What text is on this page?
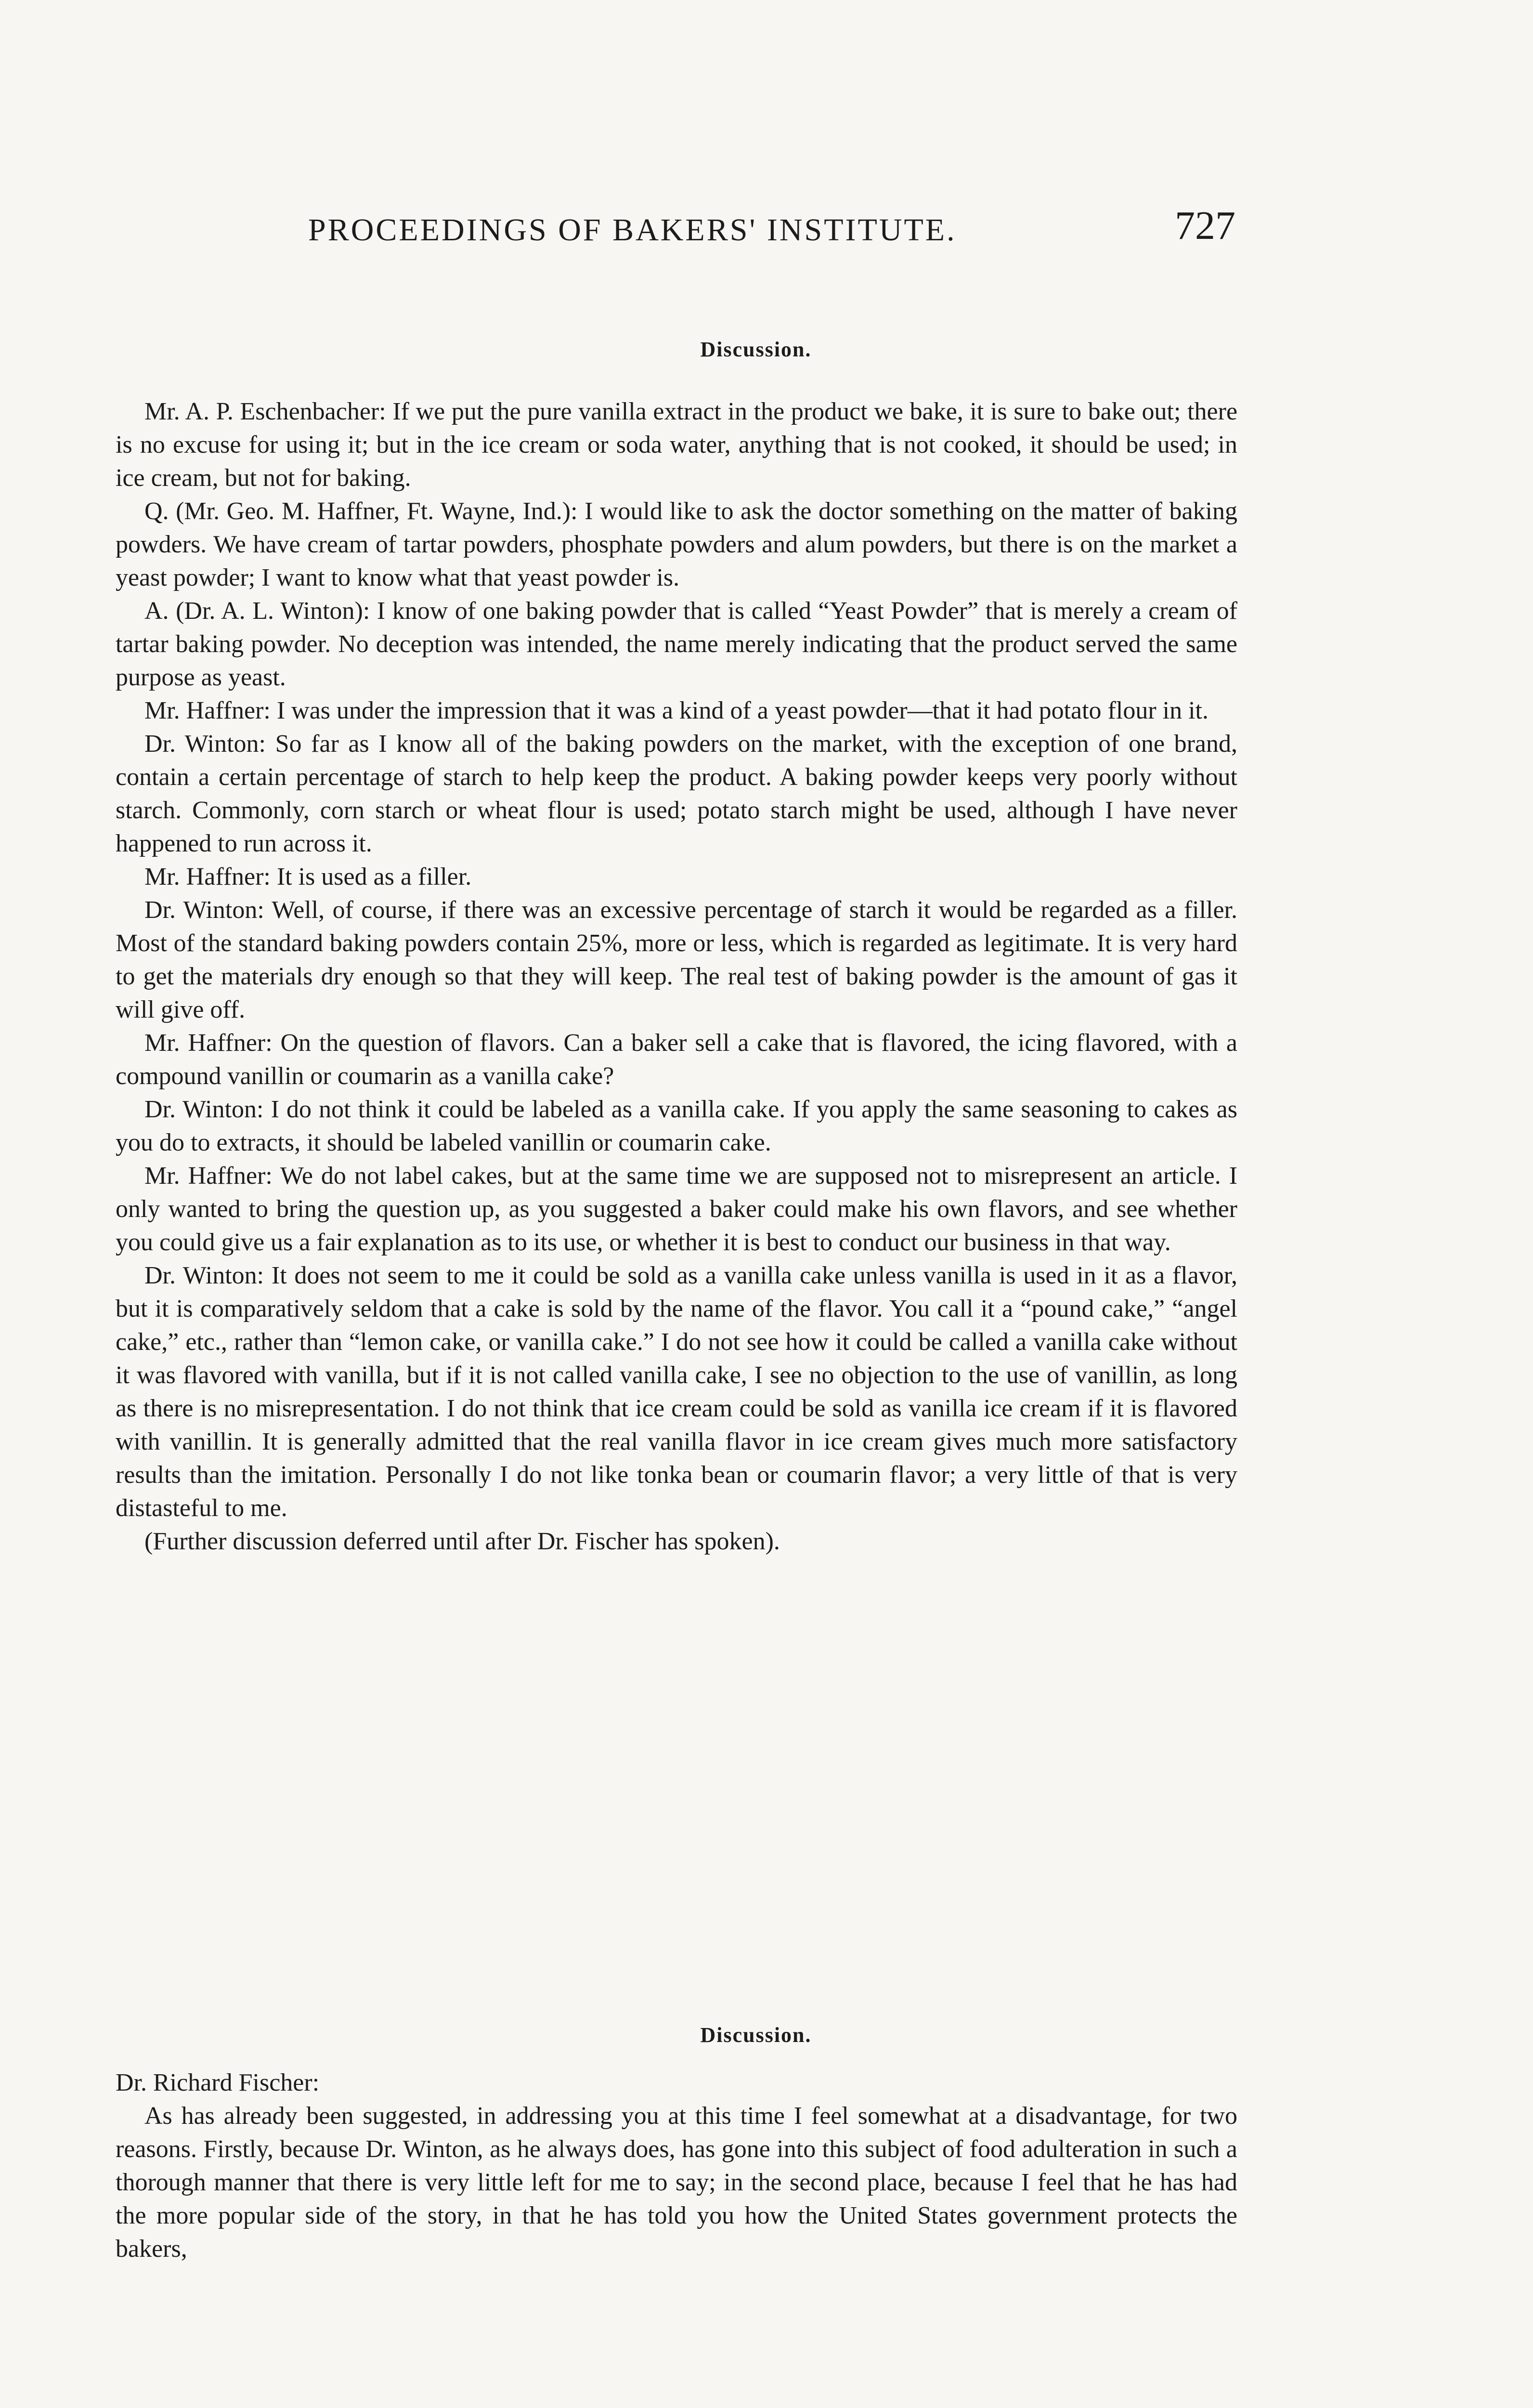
PROCEEDINGS OF BAKERS' INSTITUTE.	727
Discussion.

Mr. A. P. Eschenbacher: If we put the pure vanilla extract in the product we bake, it is sure to bake out; there is no excuse for using it; but in the ice cream or soda water, anything that is not cooked, it should be used; in ice cream, but not for baking.

Q. (Mr. Geo. M. Haffner, Ft. Wayne, Ind.): I would like to ask the doctor something on the matter of baking powders. We have cream of tartar powders, phosphate powders and alum powders, but there is on the market a yeast powder; I want to know what that yeast powder is.

A. (Dr. A. L. Winton): I know of one baking powder that is called “Yeast Powder” that is merely a cream of tartar baking powder. No deception was intended, the name merely indicating that the product served the same purpose as yeast.

Mr. Haffner: I was under the impression that it was a kind of a yeast powder—that it had potato flour in it.

Dr. Winton: So far as I know all of the baking powders on the market, with the exception of one brand, contain a certain percentage of starch to help keep the product. A baking powder keeps very poorly without starch. Commonly, corn starch or wheat flour is used; potato starch might be used, although I have never happened to run across it.

Mr. Haffner: It is used as a filler.

Dr. Winton: Well, of course, if there was an excessive percentage of starch it would be regarded as a filler. Most of the standard baking powders contain 25%, more or less, which is regarded as legitimate. It is very hard to get the materials dry enough so that they will keep. The real test of baking powder is the amount of gas it will give off.

Mr. Haffner: On the question of flavors. Can a baker sell a cake that is flavored, the icing flavored, with a compound vanillin or coumarin as a vanilla cake?

Dr. Winton: I do not think it could be labeled as a vanilla cake. If you apply the same seasoning to cakes as you do to extracts, it should be labeled vanillin or coumarin cake.

Mr. Haffner: We do not label cakes, but at the same time we are supposed not to misrepresent an article. I only wanted to bring the question up, as you suggested a baker could make his own flavors, and see whether you could give us a fair explanation as to its use, or whether it is best to conduct our business in that way.

Dr. Winton: It does not seem to me it could be sold as a vanilla cake unless vanilla is used in it as a flavor, but it is comparatively seldom that a cake is sold by the name of the flavor. You call it a “pound cake,” “angel cake,” etc., rather than “lemon cake, or vanilla cake.” I do not see how it could be called a vanilla cake without it was flavored with vanilla, but if it is not called vanilla cake, I see no objection to the use of vanillin, as long as there is no misrepresentation. I do not think that ice cream could be sold as vanilla ice cream if it is flavored with vanillin. It is generally admitted that the real vanilla flavor in ice cream gives much more satisfactory results than the imitation. Personally I do not like tonka bean or coumarin flavor; a very little of that is very distasteful to me.

(Further discussion deferred until after Dr. Fischer has spoken).

Discussion.

Dr. Richard Fischer:

As has already been suggested, in addressing you at this time I feel somewhat at a disadvantage, for two reasons. Firstly, because Dr. Winton, as he always does, has gone into this subject of food adulteration in such a thorough manner that there is very little left for me to say; in the second place, because I feel that he has had the more popular side of the story, in that he has told you how the United States government protects the bakers,
